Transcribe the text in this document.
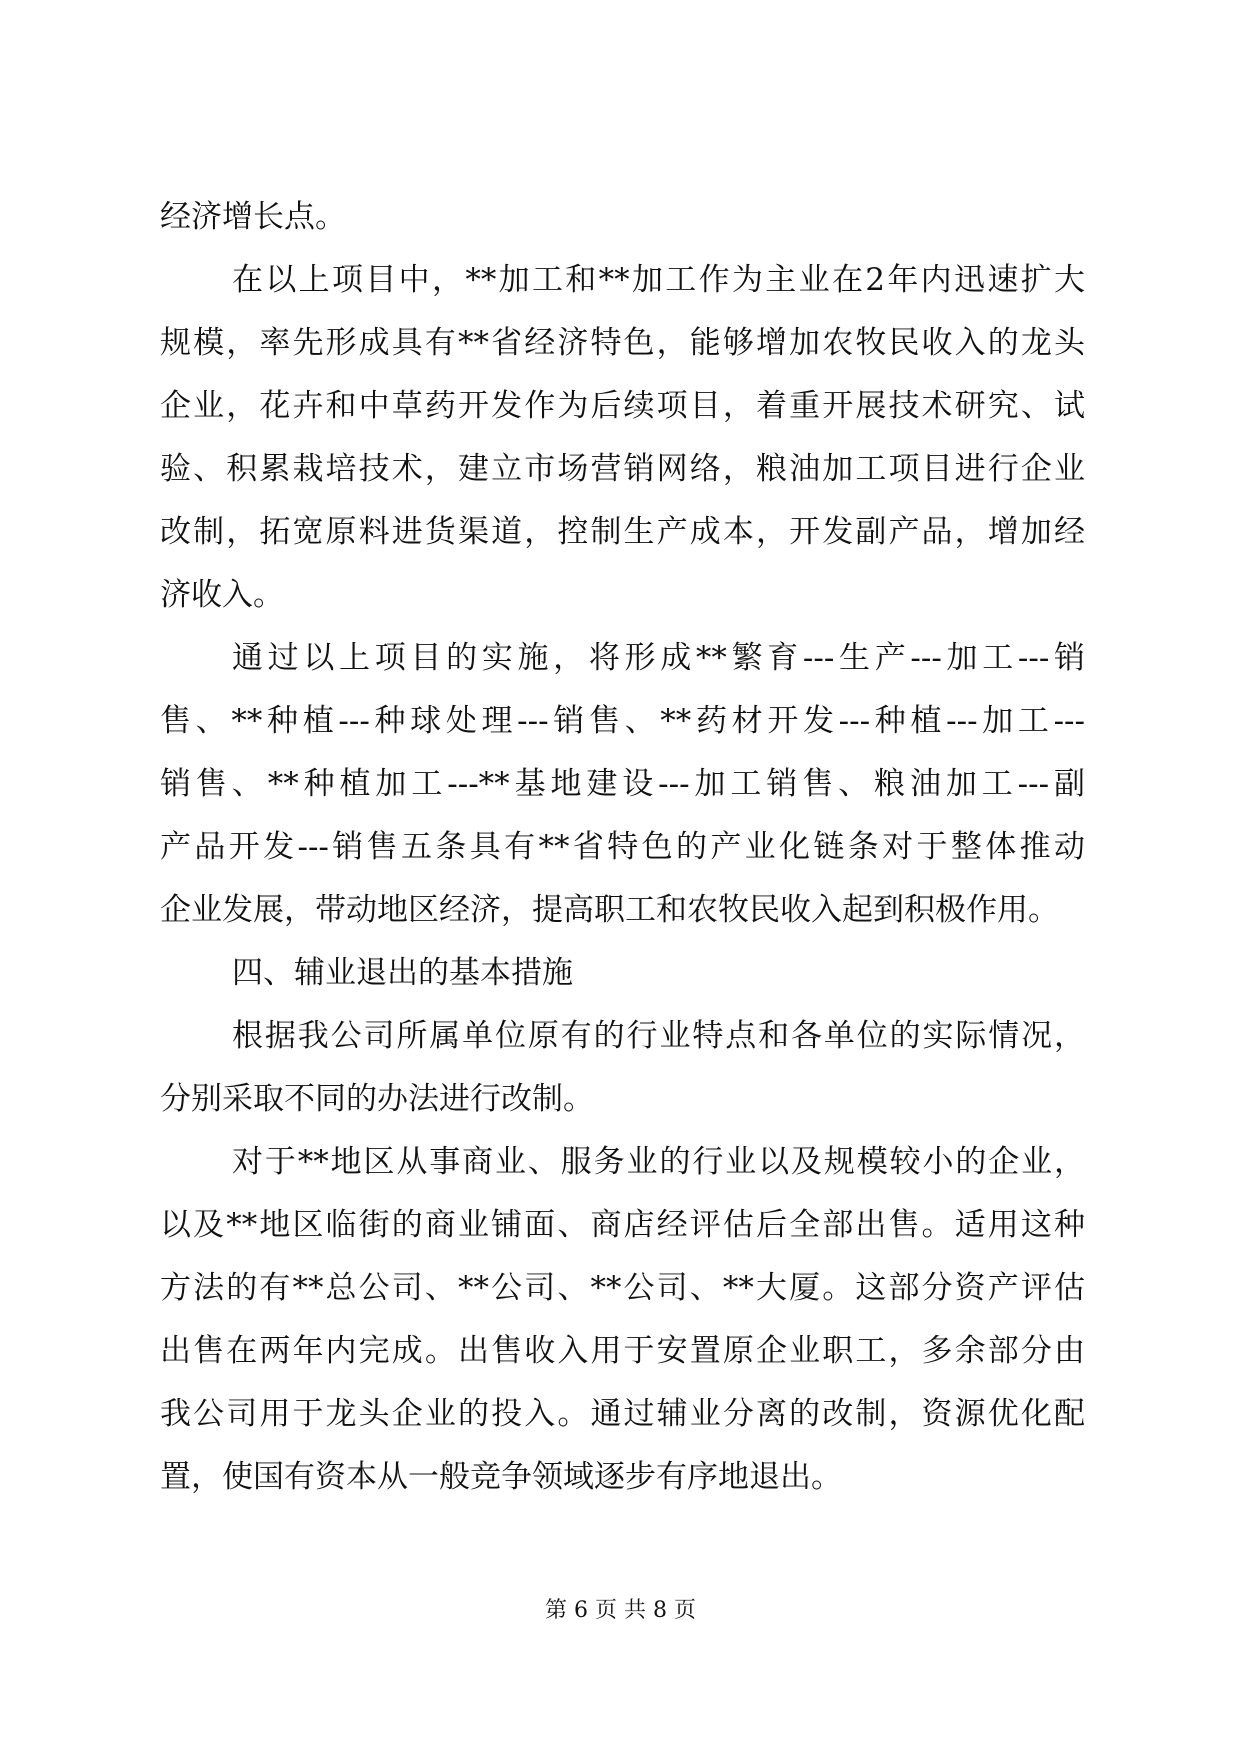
经济增长点。
在以上项目中，**加工和**加工作为主业在2年内迅速扩大
规模，率先形成具有**省经济特色，能够增加农牧民收入的龙头
企业，花卉和中草药开发作为后续项目，着重开展技术研究、试
验、积累栽培技术，建立市场营销网络，粮油加工项目进行企业
改制，拓宽原料进货渠道，控制生产成本，开发副产品，增加经
济收入。
通过以上项目的实施，将形成**繁育---生产---加工---销
售、**种植---种球处理---销售、**药材开发---种植---加工---
销售、**种植加工---**基地建设---加工销售、粮油加工---副
产品开发---销售五条具有**省特色的产业化链条对于整体推动
企业发展，带动地区经济，提高职工和农牧民收入起到积极作用。
四、辅业退出的基本措施
根据我公司所属单位原有的行业特点和各单位的实际情况，
分别采取不同的办法进行改制。
对于**地区从事商业、服务业的行业以及规模较小的企业，
以及**地区临街的商业铺面、商店经评估后全部出售。适用这种
方法的有**总公司、**公司、**公司、**大厦。这部分资产评估
出售在两年内完成。出售收入用于安置原企业职工，多余部分由
我公司用于龙头企业的投入。通过辅业分离的改制，资源优化配
置，使国有资本从一般竞争领域逐步有序地退出。
第 6 页 共 8 页
